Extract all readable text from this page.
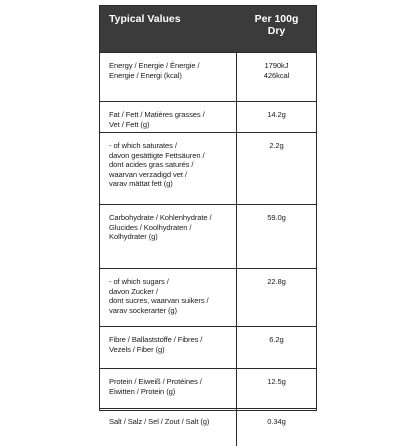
Typical Values	Per 100g
Dry
Energy / Energie / Énergie /
Energie / Energi (kcal)
1790kJ
426kcal
Fat / Fett / Matières grasses /
Vet / Fett (g)
14.2g
- of which saturates /
davon gesättigte Fettsäuren /
dont acides gras saturés /
waarvan verzadigd vet /
varav mättat fett (g)
2.2g
Carbohydrate / Kohlenhydrate /
Glucides / Koolhydraten /
Kolhydrater (g)
59.0g
- of which sugars /
davon Zucker /
dont sucres, waarvan suikers /
varav sockerarter (g)
22.8g
Fibre / Ballaststoffe / Fibres /
Vezels / Fiber (g)
6.2g
Protein / Eiweiß / Protéines /
Eiwitten / Protein (g)
12.5g
Salt / Salz / Sel / Zout / Salt (g)	0.34g
